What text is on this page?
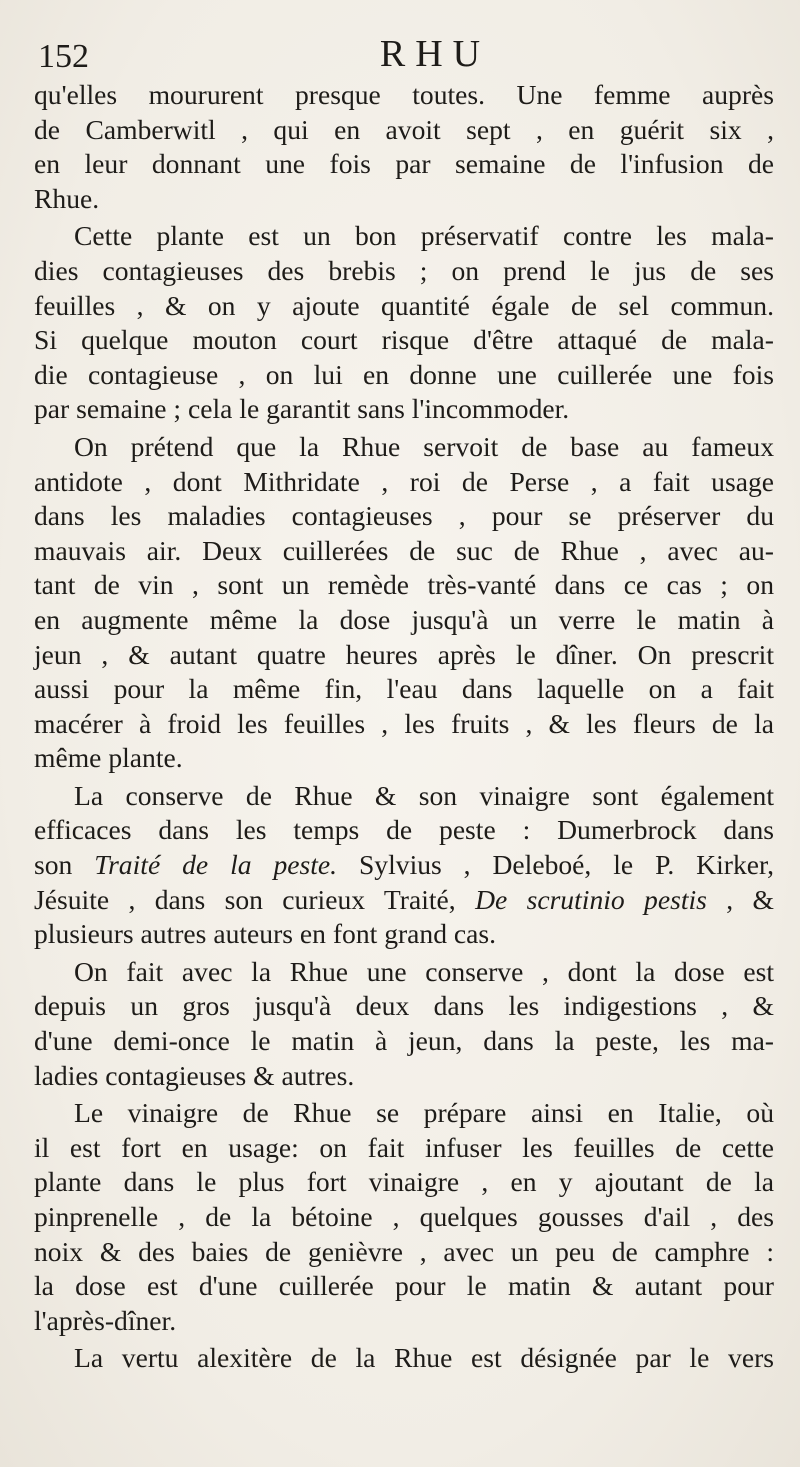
152	RHU
qu'elles moururent presque toutes. Une femme auprès
de Camberwitl , qui en avoit sept , en guérit six ,
en leur donnant une fois par semaine de l'infusion de
Rhue.
Cette plante est un bon préservatif contre les mala-
dies contagieuses des brebis ; on prend le jus de ses
feuilles , & on y ajoute quantité égale de sel commun.
Si quelque mouton court risque d'être attaqué de mala-
die contagieuse , on lui en donne une cuillerée une fois
par semaine ; cela le garantit sans l'incommoder.
On prétend que la Rhue servoit de base au fameux
antidote , dont Mithridate , roi de Perse , a fait usage
dans les maladies contagieuses , pour se préserver du
mauvais air. Deux cuillerées de suc de Rhue , avec au-
tant de vin , sont un remède très-vanté dans ce cas ; on
en augmente même la dose jusqu'à un verre le matin à
jeun , & autant quatre heures après le dîner. On prescrit
aussi pour la même fin, l'eau dans laquelle on a fait
macérer à froid les feuilles , les fruits , & les fleurs de la
même plante.
La conserve de Rhue & son vinaigre sont également
efficaces dans les temps de peste : Dumerbrock dans
son Traité de la peste. Sylvius , Deleboé, le P. Kirker,
Jésuite , dans son curieux Traité, De scrutinio pestis , &
plusieurs autres auteurs en font grand cas.
On fait avec la Rhue une conserve , dont la dose est
depuis un gros jusqu'à deux dans les indigestions , &
d'une demi-once le matin à jeun, dans la peste, les ma-
ladies contagieuses & autres.
Le vinaigre de Rhue se prépare ainsi en Italie, où
il est fort en usage: on fait infuser les feuilles de cette
plante dans le plus fort vinaigre , en y ajoutant de la
pinprenelle , de la bétoine , quelques gousses d'ail , des
noix & des baies de genièvre , avec un peu de camphre :
la dose est d'une cuillerée pour le matin & autant pour
l'après-dîner.
La vertu alexitère de la Rhue est désignée par le vers
